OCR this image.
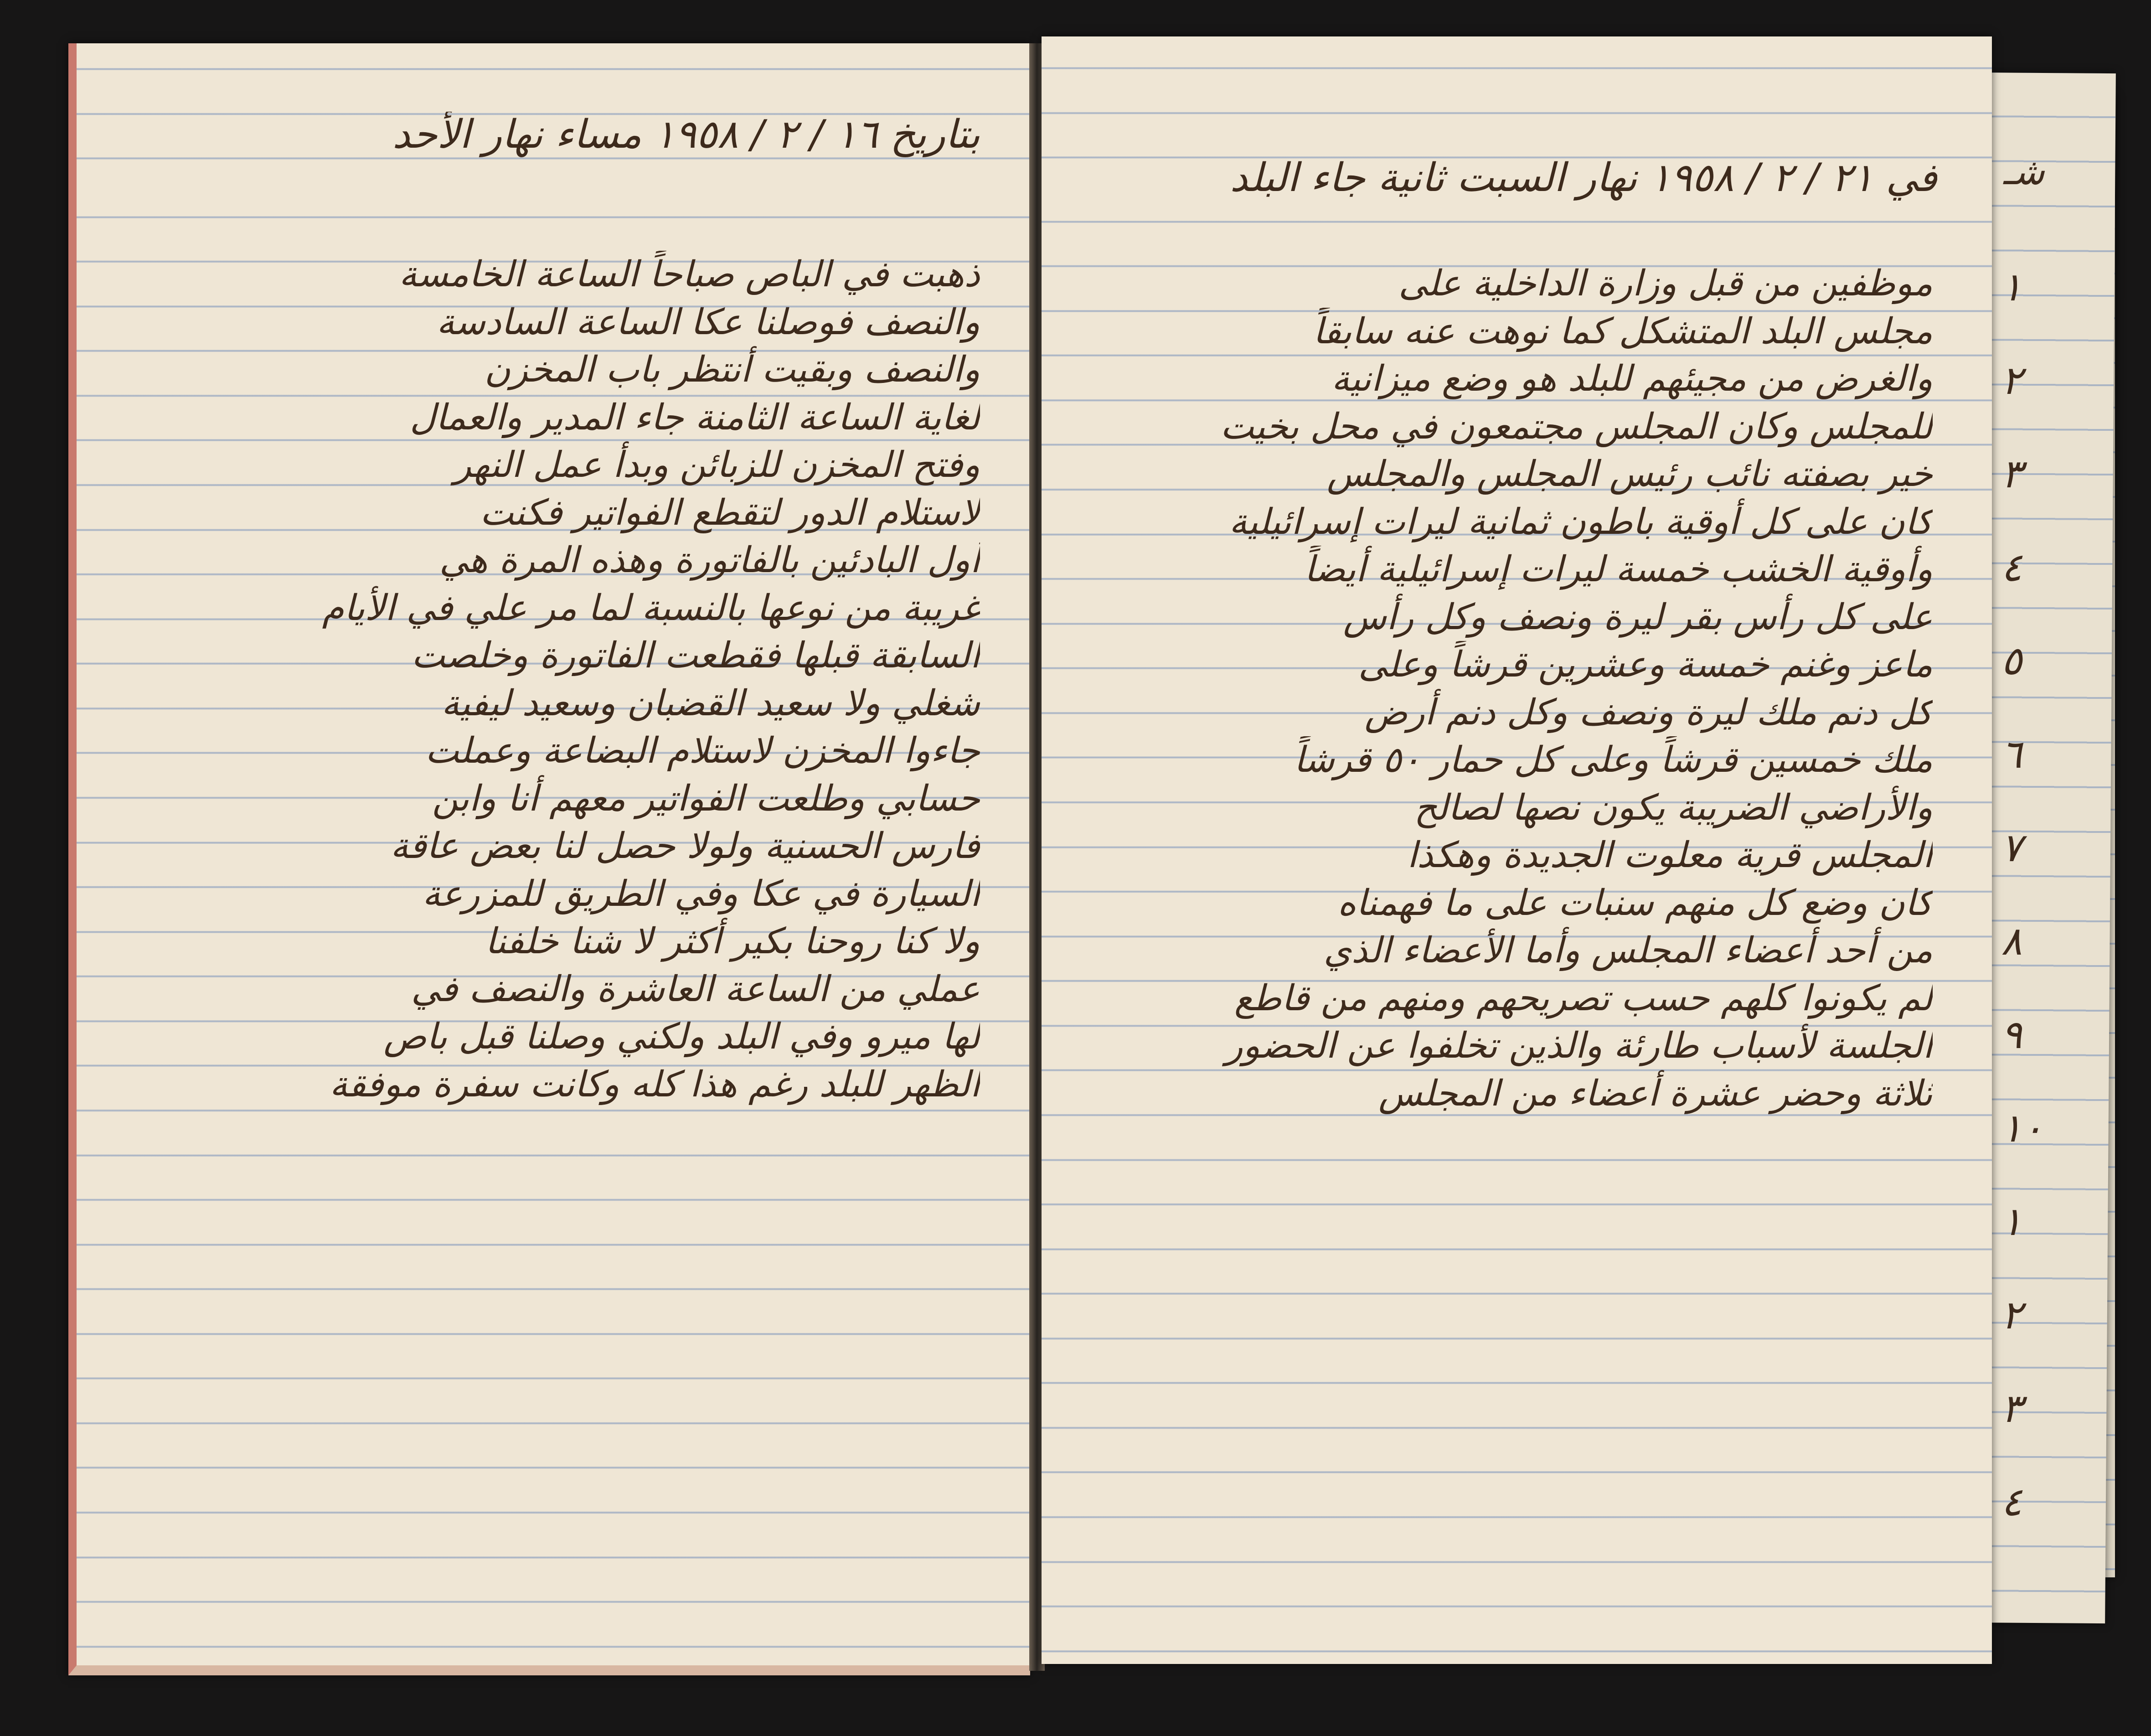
بتاريخ ١٦ / ٢ / ١٩٥٨ مساء نهار الأحد
ذهبت في الباص صباحاً الساعة الخامسة
والنصف فوصلنا عكا الساعة السادسة
والنصف وبقيت أنتظر باب المخزن
لغاية الساعة الثامنة جاء المدير والعمال
وفتح المخزن للزبائن وبدأ عمل النهر
لاستلام الدور لتقطع الفواتير فكنت
أول البادئين بالفاتورة وهذه المرة هي
غريبة من نوعها بالنسبة لما مر علي في الأيام
السابقة قبلها فقطعت الفاتورة وخلصت
شغلي ولا سعيد القضبان وسعيد ليفية
جاءوا المخزن لاستلام البضاعة وعملت
حسابي وطلعت الفواتير معهم أنا وابن
فارس الحسنية ولولا حصل لنا بعض عاقة
السيارة في عكا وفي الطريق للمزرعة
ولا كنا روحنا بكير أكثر لا شنا خلفنا
عملي من الساعة العاشرة والنصف في
لها ميرو وفي البلد ولكني وصلنا قبل باص
الظهر للبلد رغم هذا كله وكانت سفرة موفقة
في ٢١ / ٢ / ١٩٥٨ نهار السبت ثانية جاء البلد
موظفين من قبل وزارة الداخلية على
مجلس البلد المتشكل كما نوهت عنه سابقاً
والغرض من مجيئهم للبلد هو وضع ميزانية
للمجلس وكان المجلس مجتمعون في محل بخيت
خير بصفته نائب رئيس المجلس والمجلس
كان على كل أوقية باطون ثمانية ليرات إسرائيلية
وأوقية الخشب خمسة ليرات إسرائيلية أيضاً
على كل رأس بقر ليرة ونصف وكل رأس
ماعز وغنم خمسة وعشرين قرشاً وعلى
كل دنم ملك ليرة ونصف وكل دنم أرض
ملك خمسين قرشاً وعلى كل حمار ٥٠ قرشاً
والأراضي الضريبة يكون نصها لصالح
المجلس قرية معلوت الجديدة وهكذا
كان وضع كل منهم سنبات على ما فهمناه
من أحد أعضاء المجلس وأما الأعضاء الذي
لم يكونوا كلهم حسب تصريحهم ومنهم من قاطع
الجلسة لأسباب طارئة والذين تخلفوا عن الحضور
ثلاثة وحضر عشرة أعضاء من المجلس
شـ
١
٢
٣
٤
٥
٦
٧
٨
٩
١٠
١
٢
٣
٤
